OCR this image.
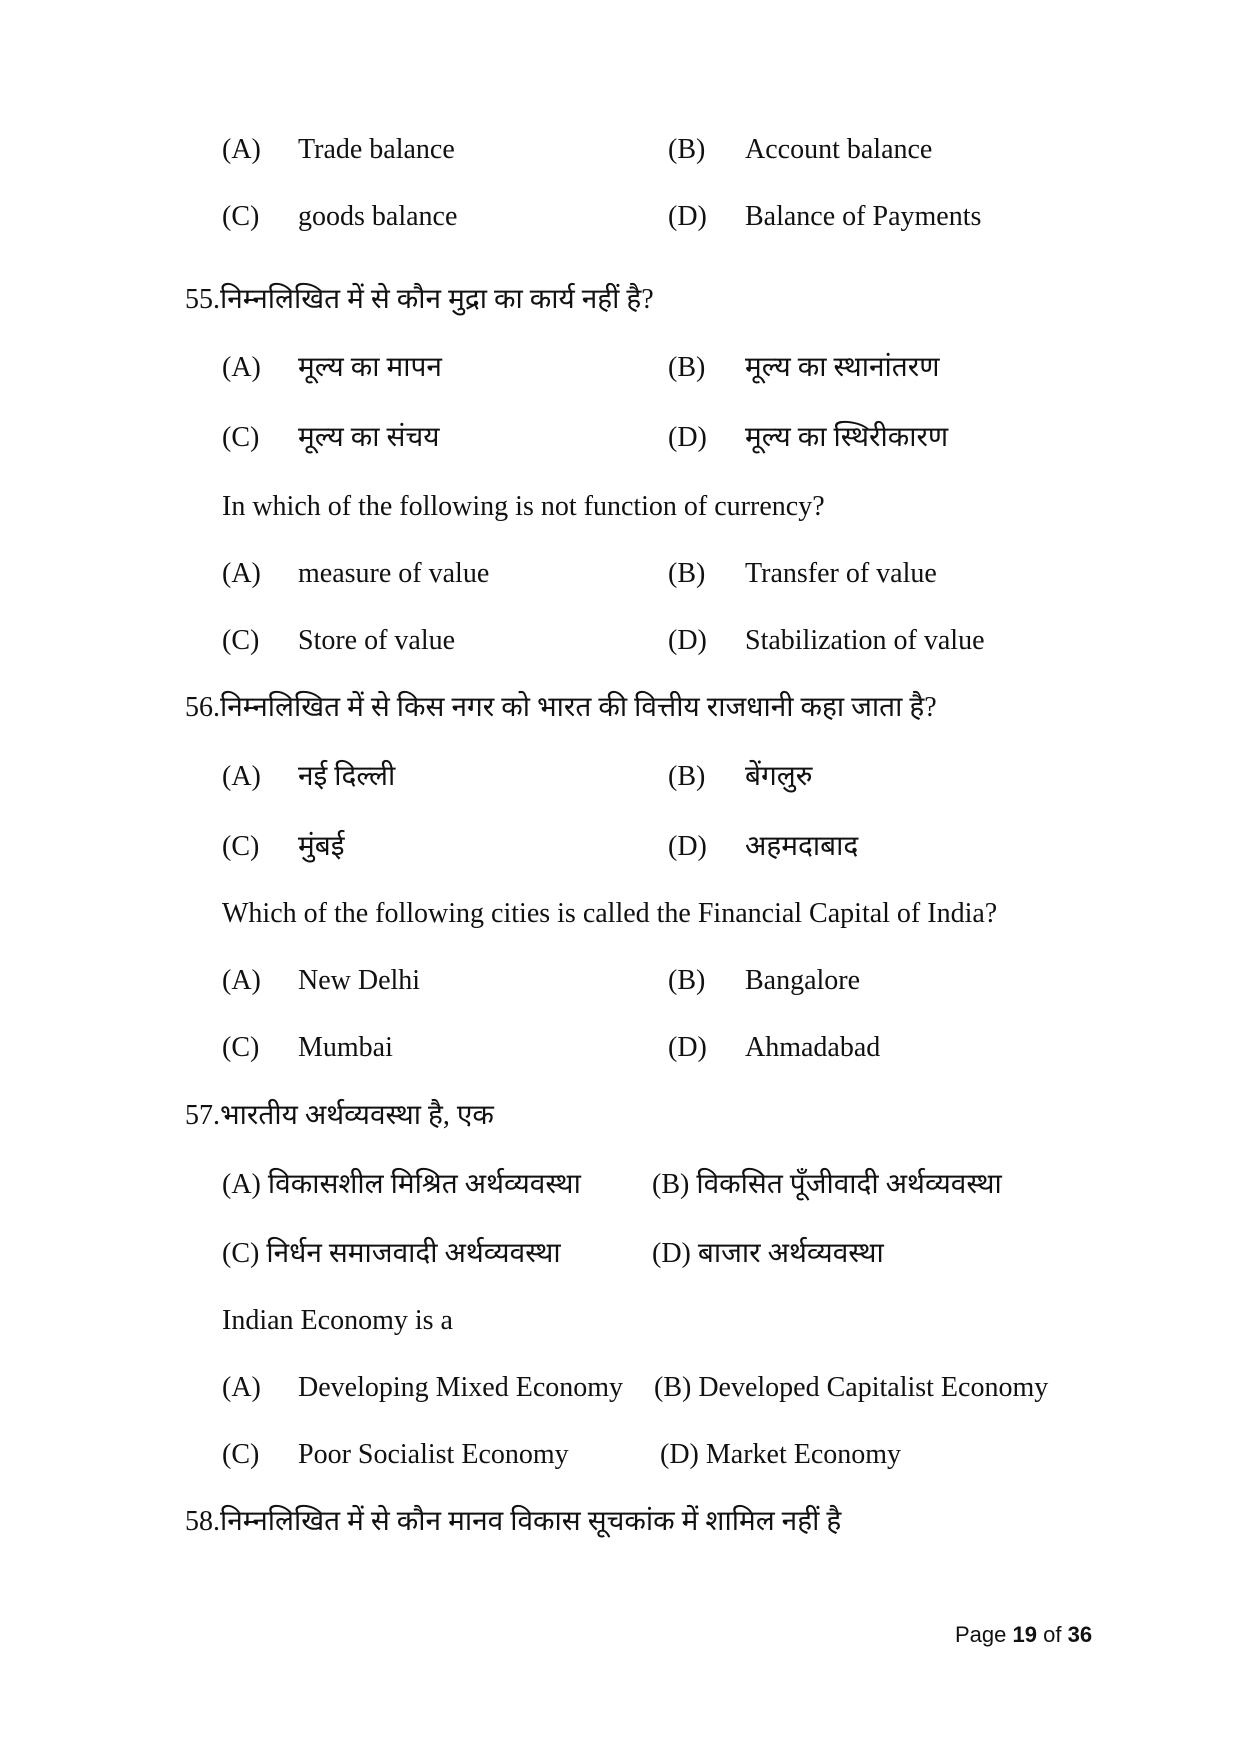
(A) Trade balance	(B) Account balance
(C) goods balance	(D) Balance of Payments
55.निम्नलिखित में से कौन मुद्रा का कार्य नहीं है?
(A) मूल्य का मापन	(B) मूल्य का स्थानांतरण
(C) मूल्य का संचय	(D) मूल्य का स्थिरीकारण
In which of the following is not function of currency?
(A) measure of value	(B) Transfer of value
(C) Store of value	(D) Stabilization of value
56.निम्नलिखित में से किस नगर को भारत की वित्तीय राजधानी कहा जाता है?
(A) नई दिल्ली	(B) बेंगलुरु
(C) मुंबई	(D) अहमदाबाद
Which of the following cities is called the Financial Capital of India?
(A) New Delhi	(B) Bangalore
(C) Mumbai	(D) Ahmadabad
57.भारतीय अर्थव्यवस्था है, एक
(A) विकासशील मिश्रित अर्थव्यवस्था	(B) विकसित पूँजीवादी अर्थव्यवस्था
(C) निर्धन समाजवादी अर्थव्यवस्था	(D) बाजार अर्थव्यवस्था
Indian Economy is a
(A) Developing Mixed Economy (B) Developed Capitalist Economy
(C) Poor Socialist Economy	(D) Market Economy
58.निम्नलिखित में से कौन मानव विकास सूचकांक में शामिल नहीं है
Page 19 of 36
